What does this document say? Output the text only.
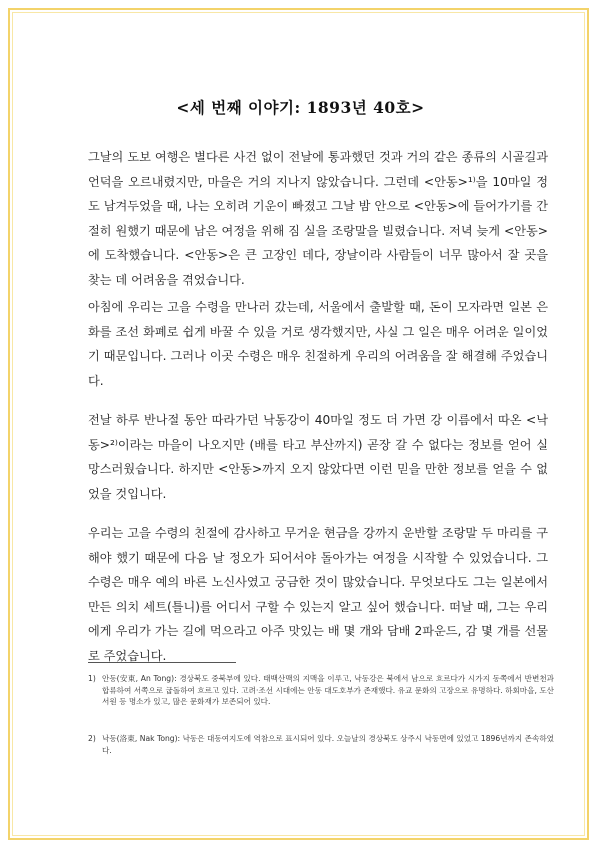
<세 번째 이야기: 1893년 40호>
그날의 도보 여행은 별다른 사건 없이 전날에 통과했던 것과 거의 같은 종류의 시골길과 언덕을 오르내렸지만, 마을은 거의 지나지 않았습니다. 그런데 <안동>¹⁾을 10마일 정도 남겨두었을 때, 나는 오히려 기운이 빠졌고 그날 밤 안으로 <안동>에 들어가기를 간절히 원했기 때문에 남은 여정을 위해 짐 실을 조랑말을 빌렸습니다. 저녁 늦게 <안동>에 도착했습니다. <안동>은 큰 고장인 데다, 장날이라 사람들이 너무 많아서 잘 곳을 찾는 데 어려움을 겪었습니다.
아침에 우리는 고을 수령을 만나러 갔는데, 서울에서 출발할 때, 돈이 모자라면 일본 은화를 조선 화폐로 쉽게 바꿀 수 있을 거로 생각했지만, 사실 그 일은 매우 어려운 일이었기 때문입니다. 그러나 이곳 수령은 매우 친절하게 우리의 어려움을 잘 해결해 주었습니다.
전날 하루 반나절 동안 따라가던 낙동강이 40마일 정도 더 가면 강 이름에서 따온 <낙동>²⁾이라는 마을이 나오지만 (배를 타고 부산까지) 곧장 갈 수 없다는 정보를 얻어 실망스러웠습니다. 하지만 <안동>까지 오지 않았다면 이런 믿을 만한 정보를 얻을 수 없었을 것입니다.
우리는 고을 수령의 친절에 감사하고 무거운 현금을 강까지 운반할 조랑말 두 마리를 구해야 했기 때문에 다음 날 정오가 되어서야 돌아가는 여정을 시작할 수 있었습니다. 그 수령은 매우 예의 바른 노신사였고 궁금한 것이 많았습니다. 무엇보다도 그는 일본에서 만든 의치 세트(틀니)를 어디서 구할 수 있는지 알고 싶어 했습니다. 떠날 때, 그는 우리에게 우리가 가는 길에 먹으라고 아주 맛있는 배 몇 개와 담배 2파운드, 감 몇 개를 선물로 주었습니다.
1) 안동(安東, An Tong): 경상북도 중북부에 있다. 태백산맥의 지맥을 이루고, 낙동강은 북에서 남으로 흐르다가 시가지 동쪽에서 반변천과 합류하여 서쪽으로 굽돌하여 흐르고 있다. 고려·조선 시대에는 안동 대도호부가 존재했다. 유교 문화의 고장으로 유명하다. 하회마을, 도산서원 등 명소가 있고, 많은 문화재가 보존되어 있다.
2) 낙동(洛東, Nak Tong): 낙동은 대동여지도에 역참으로 표시되어 있다. 오늘날의 경상북도 상주시 낙동면에 있었고 1896년까지 존속하였다.
